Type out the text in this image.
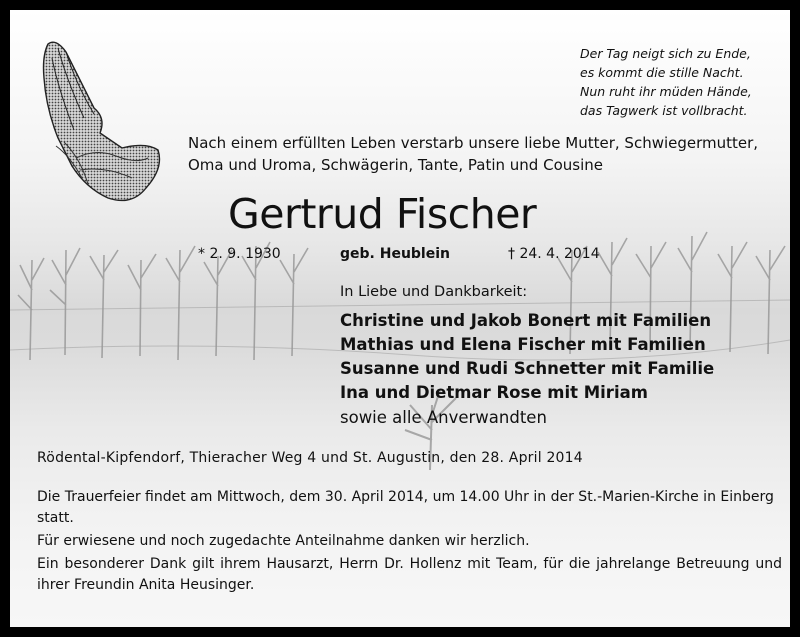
Der Tag neigt sich zu Ende,
es kommt die stille Nacht.
Nun ruht ihr müden Hände,
das Tagwerk ist vollbracht.
Nach einem erfüllten Leben verstarb unsere liebe Mutter, Schwiegermutter,
Oma und Uroma, Schwägerin, Tante, Patin und Cousine
Gertrud Fischer
* 2. 9. 1930	geb. Heublein	† 24. 4. 2014
In Liebe und Dankbarkeit:
Christine und Jakob Bonert mit Familien
Mathias und Elena Fischer mit Familien
Susanne und Rudi Schnetter mit Familie
Ina und Dietmar Rose mit Miriam
sowie alle Anverwandten
Rödental-Kipfendorf, Thieracher Weg 4 und St. Augustin, den 28. April 2014

Die Trauerfeier findet am Mittwoch, dem 30. April 2014, um 14.00 Uhr in der St.-Marien-Kirche in Einberg statt.

Für erwiesene und noch zugedachte Anteilnahme danken wir herzlich.

Ein besonderer Dank gilt ihrem Hausarzt, Herrn Dr. Hollenz mit Team, für die jahrelange Betreuung und ihrer Freundin Anita Heusinger.
